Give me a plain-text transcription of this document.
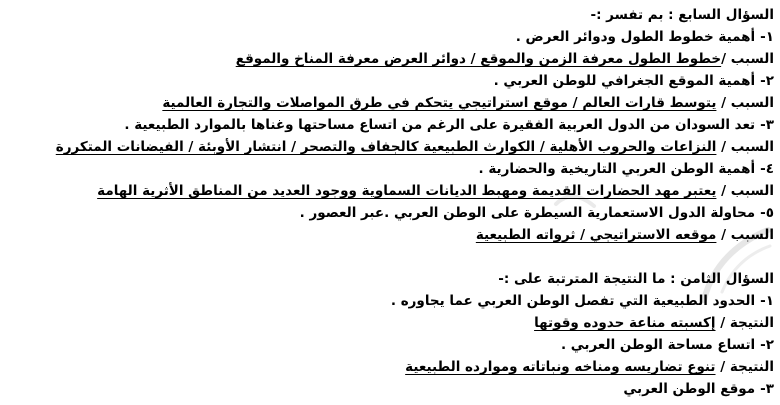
السؤال السابع : بم تفسر :-
١-أهمية خطوط الطول ودوائر العرض .
السبب /خطوط الطول معرفة الزمن والموقع / دوائر العرض معرفة المناخ والموقع
٢-أهمية الموقع الجغرافي للوطن العربي .
السبب / يتوسط قارات العالم / موقع استراتيجي يتحكم في طرق المواصلات والتجارة العالمية
٣-تعد السودان من الدول العربية الفقيرة على الرغم من اتساع مساحتها وغناها بالموارد الطبيعية .
السبب / النزاعات والحروب الأهلية / الكوارث الطبيعية كالجفاف والتصحر / انتشار الأوبئة / الفيضانات المتكررة
٤-أهمية الوطن العربي التاريخية والحضارية .
السبب / يعتبر مهد الحضارات القديمة ومهبط الديانات السماوية ووجود العديد من المناطق الأثرية الهامة
٥-محاولة الدول الاستعمارية السيطرة على الوطن العربي .عبر العصور .
السبب / موقعه الاستراتيجي / ثرواته الطبيعية
السؤال الثامن : ما النتيجة المترتبة على :-
١-الحدود الطبيعية التي تفصل الوطن العربي عما يجاوره .
النتيجة / إكسبته مناعة حدوده وقوتها
٢-اتساع مساحة الوطن العربي .
النتيجة / تنوع تضاريسه ومناخه ونباتاته وموارده الطبيعية
٣-موقع الوطن العربي
